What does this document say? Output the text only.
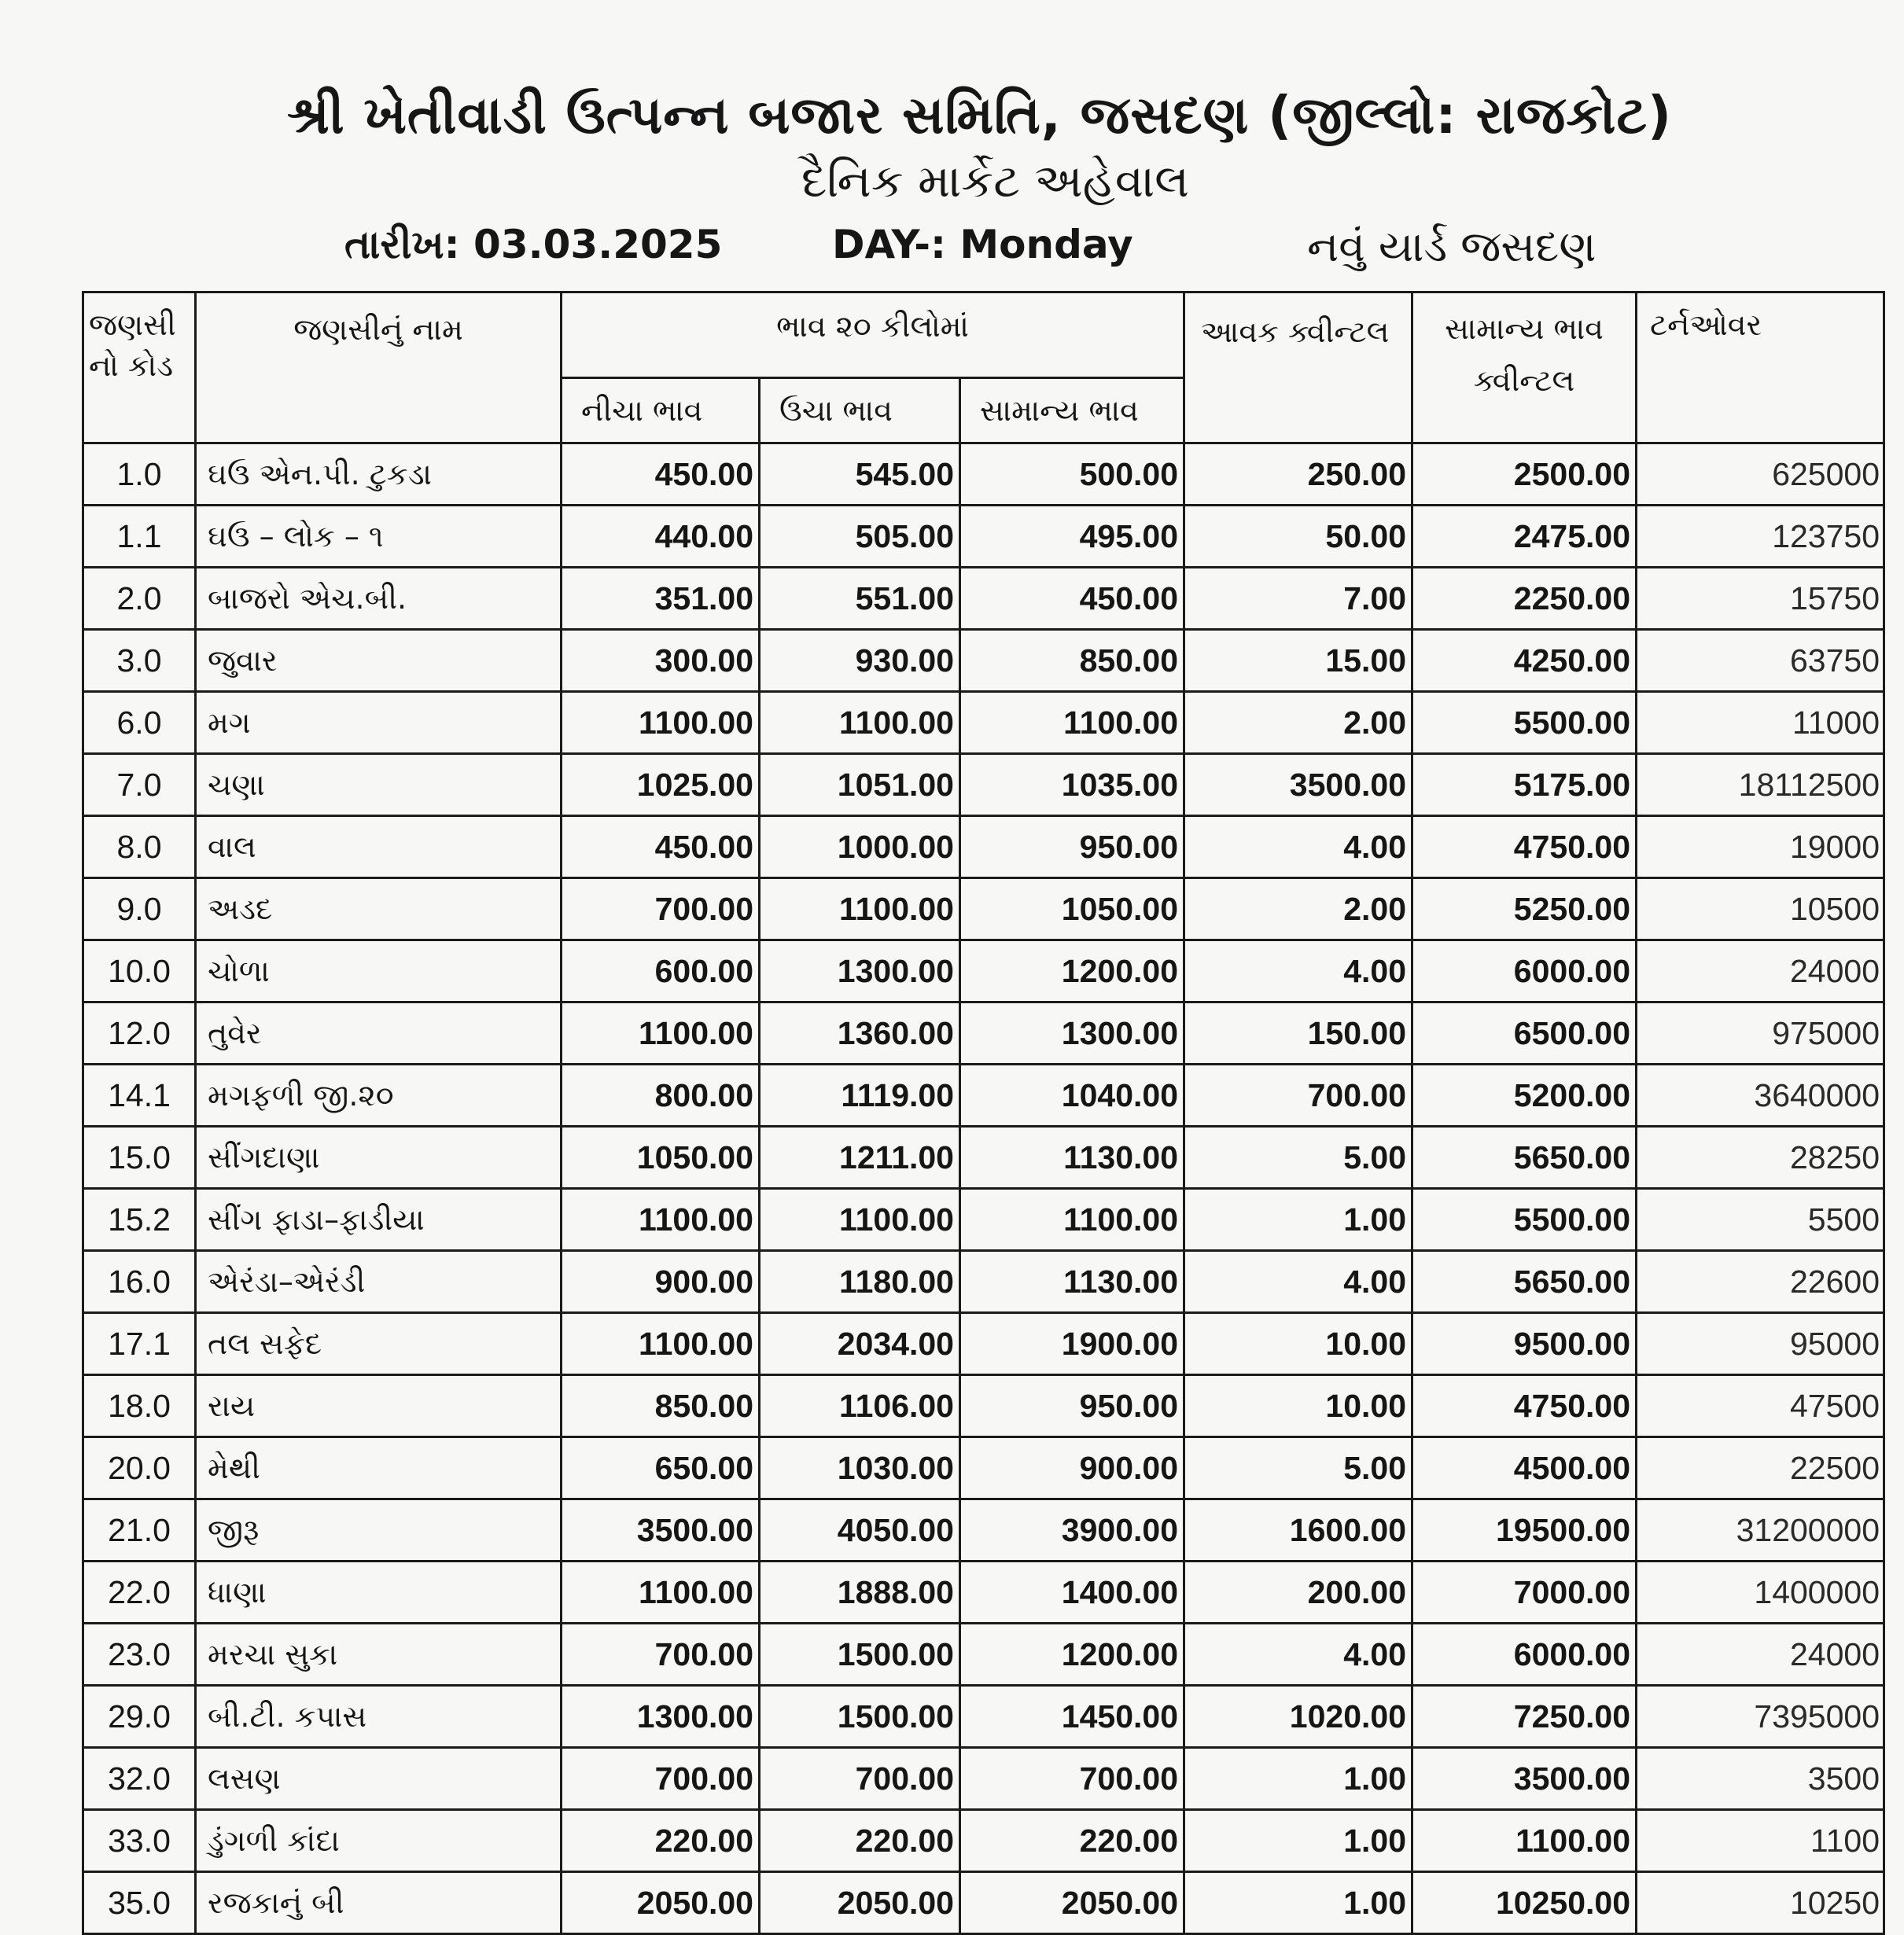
શ્રી ખેતીવાડી ઉત્પન્ન બજાર સમિતિ, જસદણ (જીલ્લો: રાજકોટ)
દૈનિક માર્કેટ અહેવાલ
તારીખ: 03.03.2025	DAY-: Monday	નવું યાર્ડ જસદણ
જણસી નો કોડ	જણસીનું નામ	ભાવ ૨૦ કીલોમાં			આવક ક્વીન્ટલ	સામાન્ય ભાવ ક્વીન્ટલ	ટર્નઓવર
		નીચા ભાવ	ઉચા ભાવ	સામાન્ય ભાવ			
1.0	ઘઉ એન.પી. ટુકડા	450.00	545.00	500.00	250.00	2500.00	625000
1.1	ઘઉ – લોક – ૧	440.00	505.00	495.00	50.00	2475.00	123750
2.0	બાજરો એચ.બી.	351.00	551.00	450.00	7.00	2250.00	15750
3.0	જુવાર	300.00	930.00	850.00	15.00	4250.00	63750
6.0	મગ	1100.00	1100.00	1100.00	2.00	5500.00	11000
7.0	ચણા	1025.00	1051.00	1035.00	3500.00	5175.00	18112500
8.0	વાલ	450.00	1000.00	950.00	4.00	4750.00	19000
9.0	અડદ	700.00	1100.00	1050.00	2.00	5250.00	10500
10.0	ચોળા	600.00	1300.00	1200.00	4.00	6000.00	24000
12.0	તુવેર	1100.00	1360.00	1300.00	150.00	6500.00	975000
14.1	મગફળી જી.૨૦	800.00	1119.00	1040.00	700.00	5200.00	3640000
15.0	સીંગદાણા	1050.00	1211.00	1130.00	5.00	5650.00	28250
15.2	સીંગ ફાડા–ફાડીયા	1100.00	1100.00	1100.00	1.00	5500.00	5500
16.0	એરંડા–એરંડી	900.00	1180.00	1130.00	4.00	5650.00	22600
17.1	તલ સફેદ	1100.00	2034.00	1900.00	10.00	9500.00	95000
18.0	રાય	850.00	1106.00	950.00	10.00	4750.00	47500
20.0	મેથી	650.00	1030.00	900.00	5.00	4500.00	22500
21.0	જીરૂ	3500.00	4050.00	3900.00	1600.00	19500.00	31200000
22.0	ધાણા	1100.00	1888.00	1400.00	200.00	7000.00	1400000
23.0	મરચા સુકા	700.00	1500.00	1200.00	4.00	6000.00	24000
29.0	બી.ટી. કપાસ	1300.00	1500.00	1450.00	1020.00	7250.00	7395000
32.0	લસણ	700.00	700.00	700.00	1.00	3500.00	3500
33.0	ડુંગળી કાંદા	220.00	220.00	220.00	1.00	1100.00	1100
35.0	રજકાનું બી	2050.00	2050.00	2050.00	1.00	10250.00	10250
